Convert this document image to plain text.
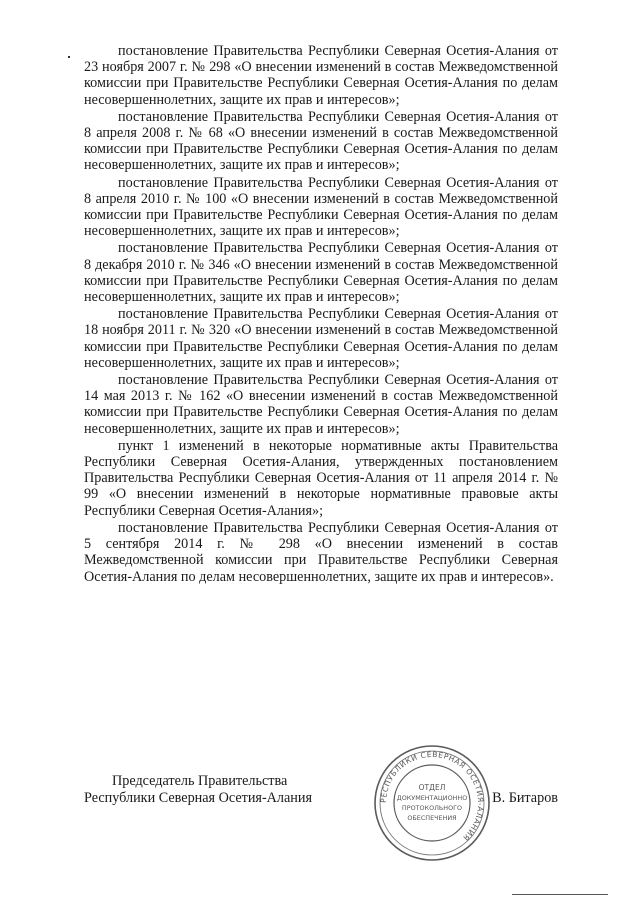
постановление Правительства Республики Северная Осетия-Алания от 23 ноября 2007 г. № 298 «О внесении изменений в состав Межведомственной комиссии при Правительстве Республики Северная Осетия-Алания по делам несовершеннолетних, защите их прав и интересов»;

постановление Правительства Республики Северная Осетия-Алания от 8 апреля 2008 г. № 68 «О внесении изменений в состав Межведомственной комиссии при Правительстве Республики Северная Осетия-Алания по делам несовершеннолетних, защите их прав и интересов»;

постановление Правительства Республики Северная Осетия-Алания от 8 апреля 2010 г. № 100 «О внесении изменений в состав Межведомственной комиссии при Правительстве Республики Северная Осетия-Алания по делам несовершеннолетних, защите их прав и интересов»;

постановление Правительства Республики Северная Осетия-Алания от 8 декабря 2010 г. № 346 «О внесении изменений в состав Межведомственной комиссии при Правительстве Республики Северная Осетия-Алания по делам несовершеннолетних, защите их прав и интересов»;

постановление Правительства Республики Северная Осетия-Алания от 18 ноября 2011 г. № 320 «О внесении изменений в состав Межведомственной комиссии при Правительстве Республики Северная Осетия-Алания по делам несовершеннолетних, защите их прав и интересов»;

постановление Правительства Республики Северная Осетия-Алания от 14 мая 2013 г. № 162 «О внесении изменений в состав Межведомственной комиссии при Правительстве Республики Северная Осетия-Алания по делам несовершеннолетних, защите их прав и интересов»;

пункт 1 изменений в некоторые нормативные акты Правительства Республики Северная Осетия-Алания, утвержденных постановлением Правительства Республики Северная Осетия-Алания от 11 апреля 2014 г. № 99 «О внесении изменений в некоторые нормативные правовые акты Республики Северная Осетия-Алания»;

постановление Правительства Республики Северная Осетия-Алания от 5 сентября 2014 г. № 298 «О внесении изменений в состав Межведомственной комиссии при Правительстве Республики Северная Осетия-Алания по делам несовершеннолетних, защите их прав и интересов».

Председатель Правительства
Республики Северная Осетия-Алания	РЕСПУБЛИКИ СЕВЕРНАЯ ОСЕТИЯ-АЛАНИЯ
ОТДЕЛ
ДОКУМЕНТАЦИОННО
ПРОТОКОЛЬНОГО
ОБЕСПЕЧЕНИЯ
В. Битаров
